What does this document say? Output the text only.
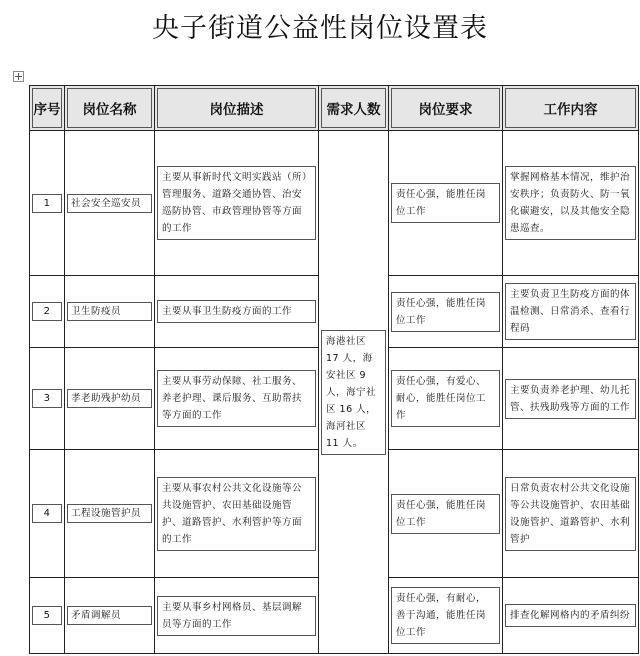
央子街道公益性岗位设置表
序号	岗位名称	岗位描述	需求人数	岗位要求	工作内容

1	社会安全巡安员	主要从事新时代文明实践站（所）管理服务、道路交通协管、治安巡防协管、市政管理协管等方面的工作	海港社区 17 人，海安社区 9 人，海宁社区 16 人，海河社区 11 人。	责任心强，能胜任岗位工作	掌握网格基本情况，维护治安秩序；负责防火、防一氧化碳避安，以及其他安全隐患巡查。

2	卫生防疫员	主要从事卫生防疫方面的工作		责任心强，能胜任岗位工作	主要负责卫生防疫方面的体温检测、日常消杀、查看行程码

3	孝老助残护幼员	主要从事劳动保障、社工服务、养老护理、课后服务、互助帮扶等方面的工作		责任心强，有爱心、耐心，能胜任岗位工作	主要负责养老护理、幼儿托管、扶残助残等方面的工作

4	工程设施管护员	主要从事农村公共文化设施等公共设施管护、农田基础设施管护、道路管护、水利管护等方面的工作		责任心强，能胜任岗位工作	日常负责农村公共文化设施等公共设施管护、农田基础设施管护、道路管护、水利管护

5	矛盾调解员	主要从事乡村网格员、基层调解员等方面的工作		责任心强，有耐心，善于沟通，能胜任岗位工作	排查化解网格内的矛盾纠纷
